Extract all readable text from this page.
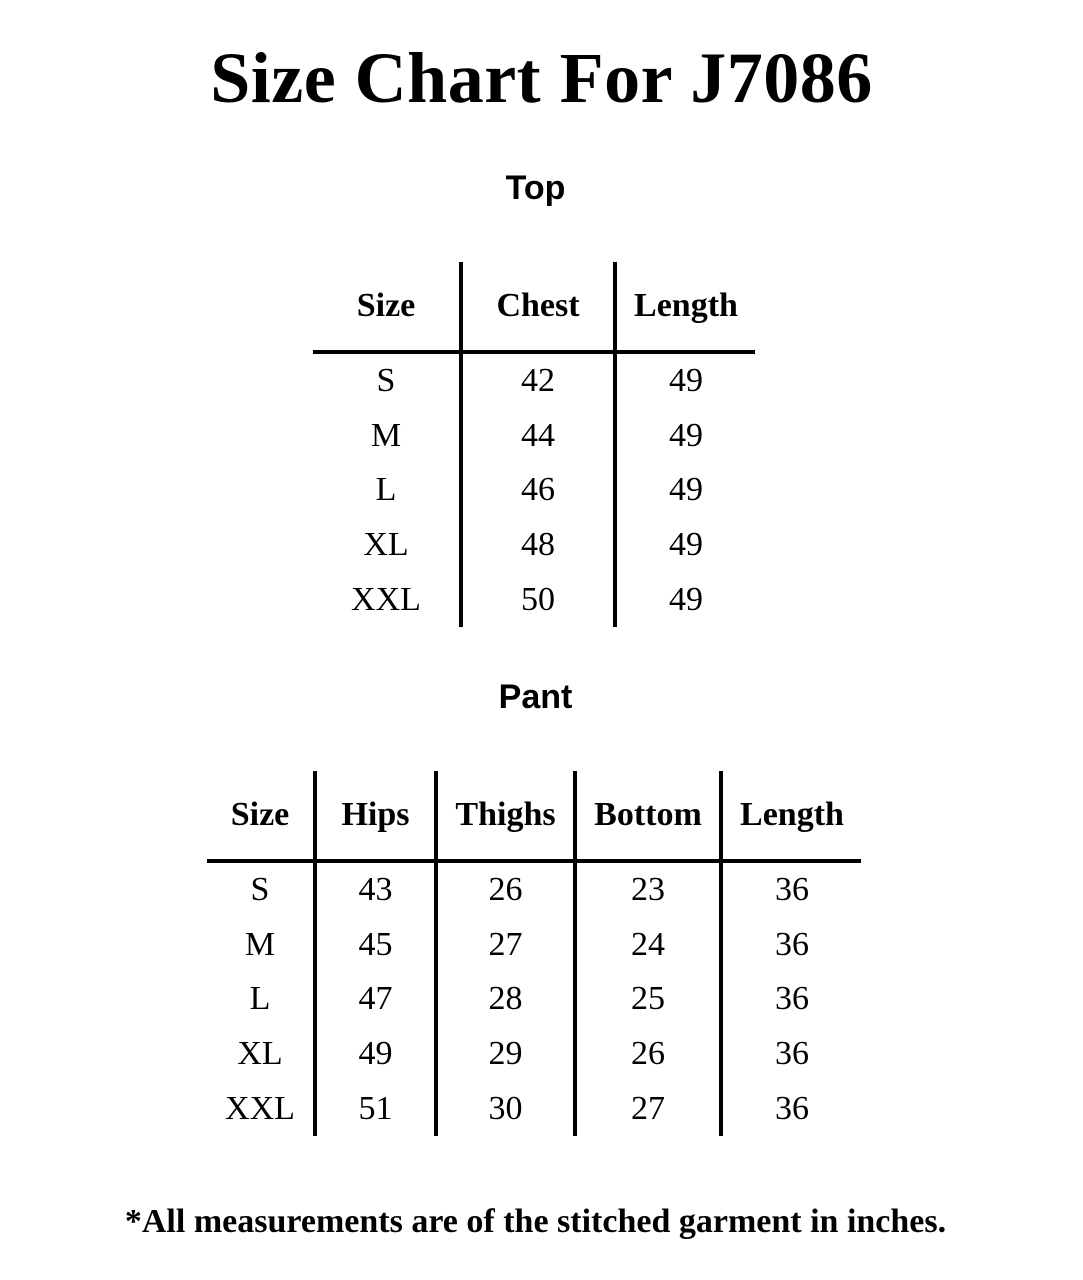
Size Chart For J7086
Top
Size	Chest	Length
S	42	49
M	44	49
L	46	49
XL	48	49
XXL	50	49
Pant
Size	Hips	Thighs	Bottom	Length
S	43	26	23	36
M	45	27	24	36
L	47	28	25	36
XL	49	29	26	36
XXL	51	30	27	36
*All measurements are of the stitched garment in inches.
